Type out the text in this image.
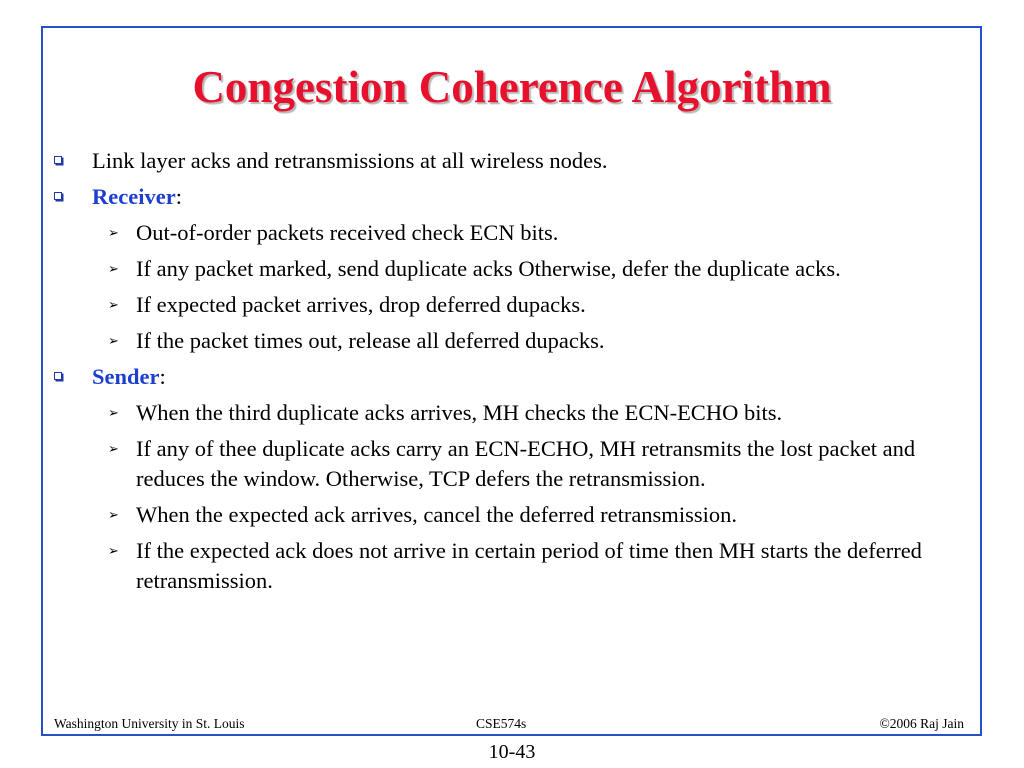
Congestion Coherence Algorithm
Link layer acks and retransmissions at all wireless nodes.
Receiver:
➢ Out-of-order packets received check ECN bits.
➢ If any packet marked, send duplicate acks Otherwise, defer the duplicate acks.
➢ If expected packet arrives, drop deferred dupacks.
➢ If the packet times out, release all deferred dupacks.
Sender:
➢ When the third duplicate acks arrives, MH checks the ECN-ECHO bits.
➢ If any of thee duplicate acks carry an ECN-ECHO, MH retransmits the lost packet and reduces the window. Otherwise, TCP defers the retransmission.
➢ When the expected ack arrives, cancel the deferred retransmission.
➢ If the expected ack does not arrive in certain period of time then MH starts the deferred retransmission.
Washington University in St. Louis	CSE574s	©2006 Raj Jain
10-43
